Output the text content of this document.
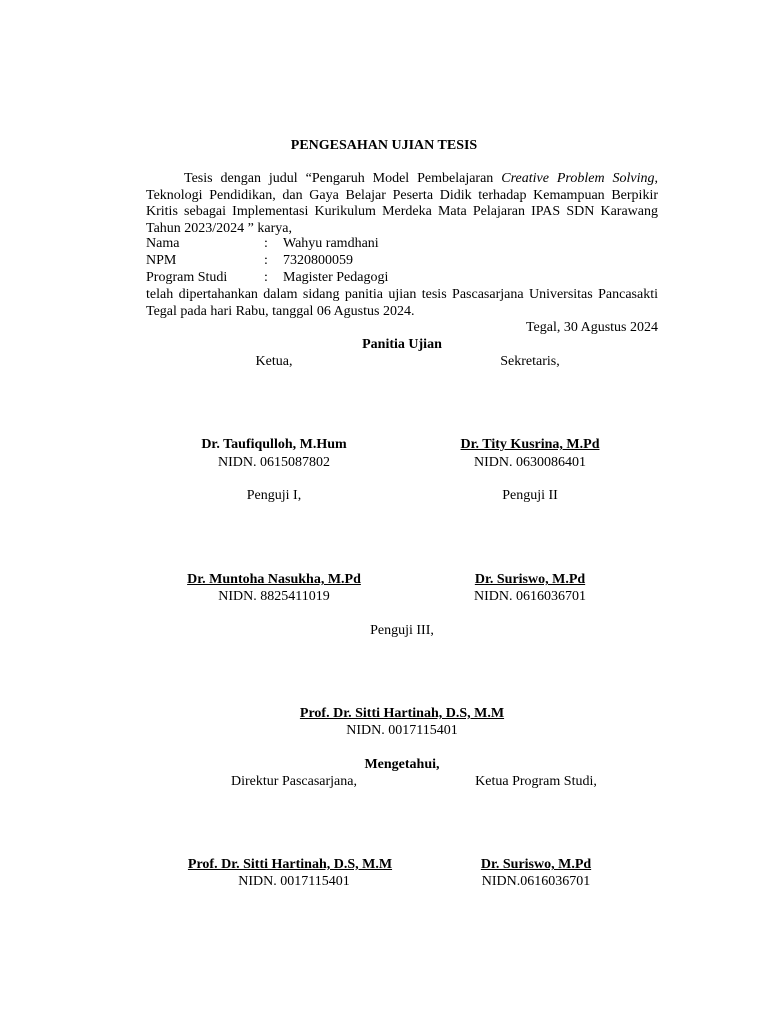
PENGESAHAN UJIAN TESIS
Tesis dengan judul “Pengaruh Model Pembelajaran Creative Problem Solving, Teknologi Pendidikan, dan Gaya Belajar Peserta Didik terhadap Kemampuan Berpikir Kritis sebagai Implementasi Kurikulum Merdeka Mata Pelajaran IPAS SDN Karawang Tahun 2023/2024 ” karya,
Nama	: Wahyu ramdhani
NPM	: 7320800059
Program Studi	: Magister Pedagogi
telah dipertahankan dalam sidang panitia ujian tesis Pascasarjana Universitas Pancasakti Tegal pada hari Rabu, tanggal 06 Agustus 2024.
Tegal, 30 Agustus 2024
Panitia Ujian
Ketua,	Sekretaris,
Dr. Taufiqulloh, M.Hum
NIDN. 0615087802
Dr. Tity Kusrina, M.Pd
NIDN. 0630086401
Penguji I,	Penguji II
Dr. Muntoha Nasukha, M.Pd
NIDN. 8825411019
Dr. Suriswo, M.Pd
NIDN. 0616036701
Penguji III,
Prof. Dr. Sitti Hartinah, D.S, M.M
NIDN. 0017115401
Mengetahui,
Direktur Pascasarjana,	Ketua Program Studi,
Prof. Dr. Sitti Hartinah, D.S, M.M
NIDN. 0017115401
Dr. Suriswo, M.Pd
NIDN.0616036701
